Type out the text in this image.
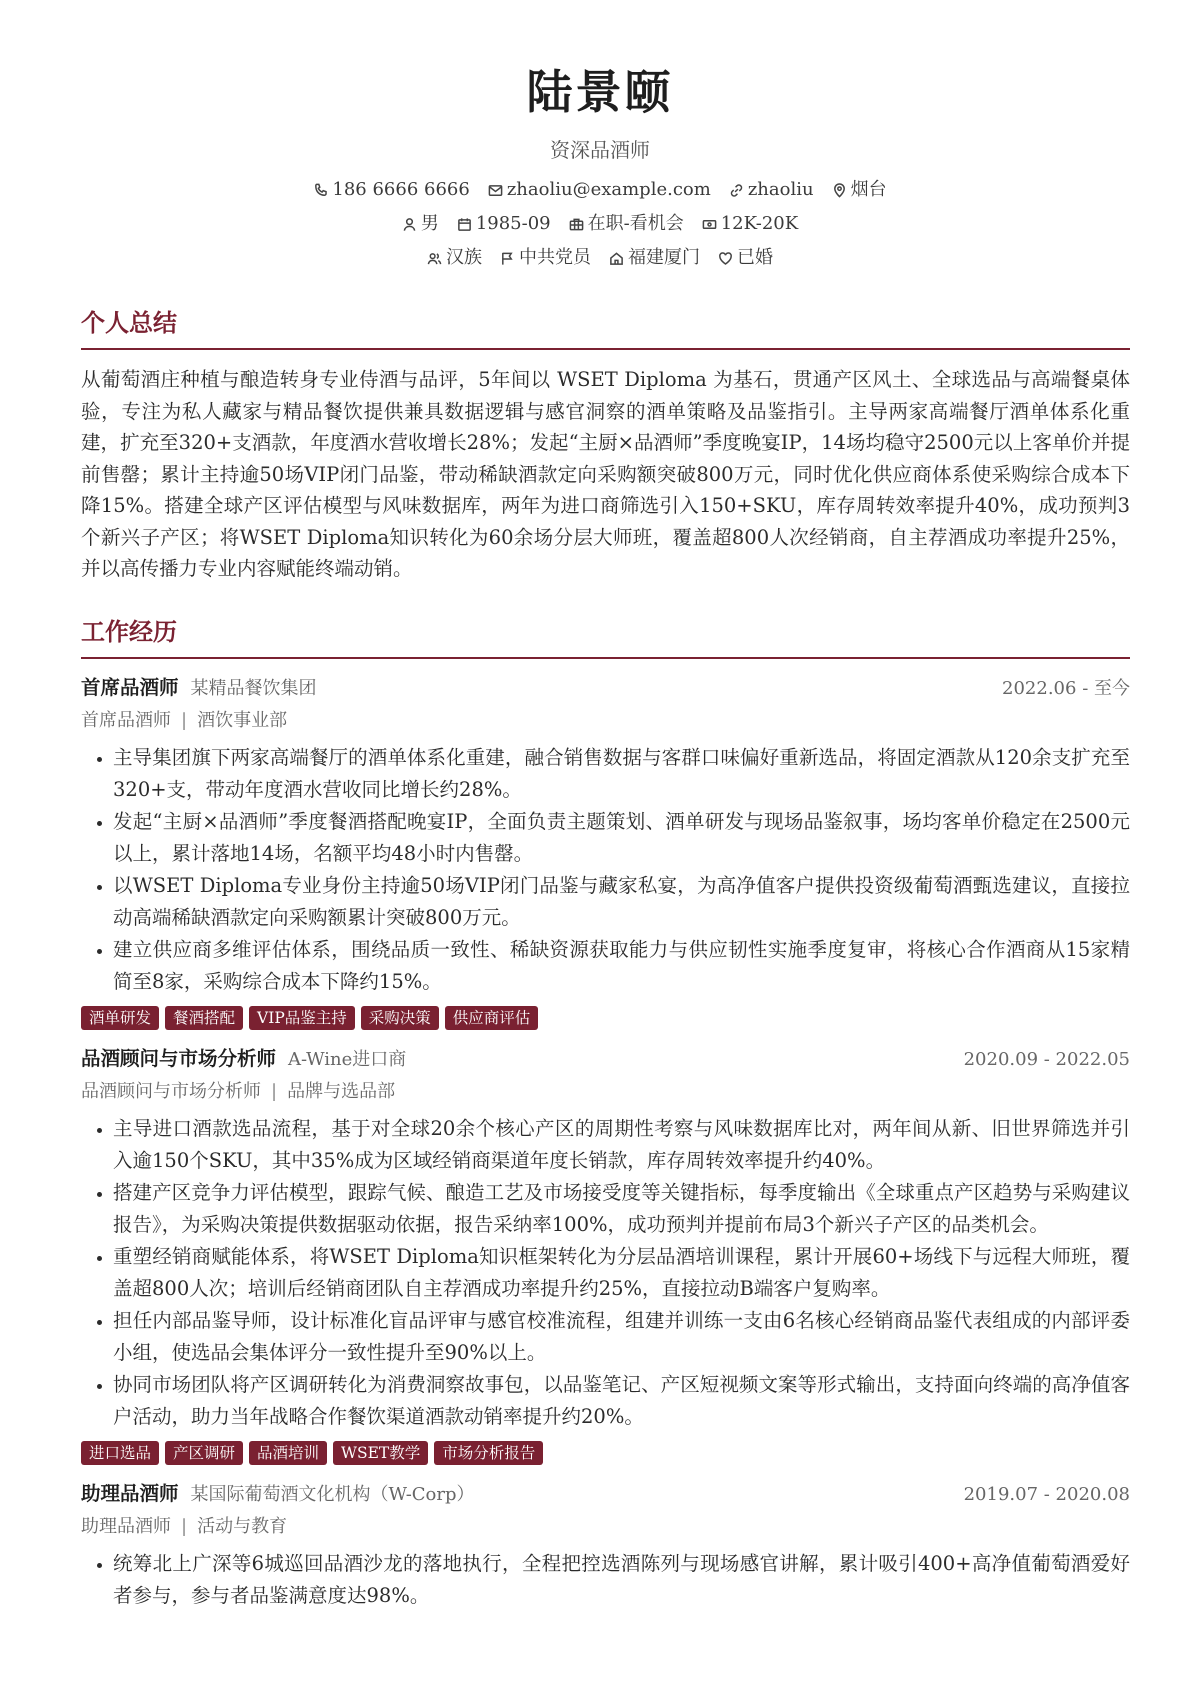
陆景颐
资深品酒师
186 6666 6666 zhaoliu@example.com zhaoliu 烟台
男 1985-09 在职-看机会 12K-20K
汉族 中共党员 福建厦门 已婚
个人总结
从葡萄酒庄种植与酿造转身专业侍酒与品评，5年间以 WSET Diploma 为基石，贯通产区风土、全球选品与高端餐桌体验，专注为私人藏家与精品餐饮提供兼具数据逻辑与感官洞察的酒单策略及品鉴指引。主导两家高端餐厅酒单体系化重建，扩充至320+支酒款，年度酒水营收增长28%；发起“主厨×品酒师”季度晚宴IP，14场均稳守2500元以上客单价并提前售罄；累计主持逾50场VIP闭门品鉴，带动稀缺酒款定向采购额突破800万元，同时优化供应商体系使采购综合成本下降15%。搭建全球产区评估模型与风味数据库，两年为进口商筛选引入150+SKU，库存周转效率提升40%，成功预判3个新兴子产区；将WSET Diploma知识转化为60余场分层大师班，覆盖超800人次经销商，自主荐酒成功率提升25%，并以高传播力专业内容赋能终端动销。
工作经历
首席品酒师 某精品餐饮集团	2022.06 - 至今
首席品酒师 | 酒饮事业部
• 主导集团旗下两家高端餐厅的酒单体系化重建，融合销售数据与客群口味偏好重新选品，将固定酒款从120余支扩充至320+支，带动年度酒水营收同比增长约28%。
• 发起“主厨×品酒师”季度餐酒搭配晚宴IP，全面负责主题策划、酒单研发与现场品鉴叙事，场均客单价稳定在2500元以上，累计落地14场，名额平均48小时内售罄。
• 以WSET Diploma专业身份主持逾50场VIP闭门品鉴与藏家私宴，为高净值客户提供投资级葡萄酒甄选建议，直接拉动高端稀缺酒款定向采购额累计突破800万元。
• 建立供应商多维评估体系，围绕品质一致性、稀缺资源获取能力与供应韧性实施季度复审，将核心合作酒商从15家精简至8家，采购综合成本下降约15%。
酒单研发	餐酒搭配	VIP品鉴主持	采购决策	供应商评估
品酒顾问与市场分析师 A-Wine进口商	2020.09 - 2022.05
品酒顾问与市场分析师 | 品牌与选品部
• 主导进口酒款选品流程，基于对全球20余个核心产区的周期性考察与风味数据库比对，两年间从新、旧世界筛选并引入逾150个SKU，其中35%成为区域经销商渠道年度长销款，库存周转效率提升约40%。
• 搭建产区竞争力评估模型，跟踪气候、酿造工艺及市场接受度等关键指标，每季度输出《全球重点产区趋势与采购建议报告》，为采购决策提供数据驱动依据，报告采纳率100%，成功预判并提前布局3个新兴子产区的品类机会。
• 重塑经销商赋能体系，将WSET Diploma知识框架转化为分层品酒培训课程，累计开展60+场线下与远程大师班，覆盖超800人次；培训后经销商团队自主荐酒成功率提升约25%，直接拉动B端客户复购率。
• 担任内部品鉴导师，设计标准化盲品评审与感官校准流程，组建并训练一支由6名核心经销商品鉴代表组成的内部评委小组，使选品会集体评分一致性提升至90%以上。
• 协同市场团队将产区调研转化为消费洞察故事包，以品鉴笔记、产区短视频文案等形式输出，支持面向终端的高净值客户活动，助力当年战略合作餐饮渠道酒款动销率提升约20%。
进口选品	产区调研	品酒培训	WSET教学	市场分析报告
助理品酒师 某国际葡萄酒文化机构（W-Corp）	2019.07 - 2020.08
助理品酒师 | 活动与教育
• 统筹北上广深等6城巡回品酒沙龙的落地执行，全程把控选酒陈列与现场感官讲解，累计吸引400+高净值葡萄酒爱好者参与，参与者品鉴满意度达98%。
